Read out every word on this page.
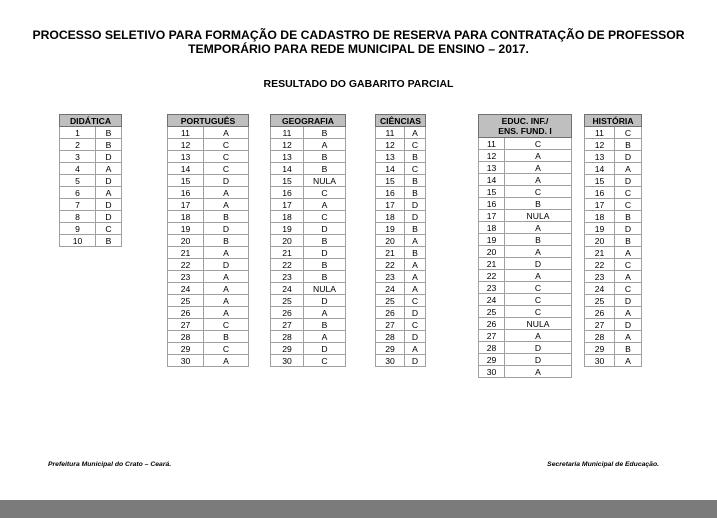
PROCESSO SELETIVO PARA FORMAÇÃO DE CADASTRO DE RESERVA PARA CONTRATAÇÃO DE PROFESSOR
TEMPORÁRIO PARA REDE MUNICIPAL DE ENSINO – 2017.
RESULTADO DO GABARITO PARCIAL
DIDÁTICA	

1	B
2	B
3	D
4	A
5	D
6	A
7	D
8	D
9	C
10	B
PORTUGUÊS	

11	A
12	C
13	C
14	C
15	D
16	A
17	A
18	B
19	D
20	B
21	A
22	D
23	A
24	A
25	A
26	A
27	C
28	B
29	C
30	A
GEOGRAFIA	

11	B
12	A
13	B
14	B
15	NULA
16	C
17	A
18	C
19	D
20	B
21	D
22	B
23	B
24	NULA
25	D
26	A
27	B
28	A
29	D
30	C
CIÊNCIAS	

11	A
12	C
13	B
14	C
15	B
16	B
17	D
18	D
19	B
20	A
21	B
22	A
23	A
24	A
25	C
26	D
27	C
28	D
29	A
30	D
EDUC. INF./
ENS. FUND. I	

11	C
12	A
13	A
14	A
15	C
16	B
17	NULA
18	A
19	B
20	A
21	D
22	A
23	C
24	C
25	C
26	NULA
27	A
28	D
29	D
30	A
HISTÓRIA	

11	C
12	B
13	D
14	A
15	D
16	C
17	C
18	B
19	D
20	B
21	A
22	C
23	A
24	C
25	D
26	A
27	D
28	A
29	B
30	A
Prefeitura Municipal do Crato – Ceará.	Secretaria Municipal de Educação.
